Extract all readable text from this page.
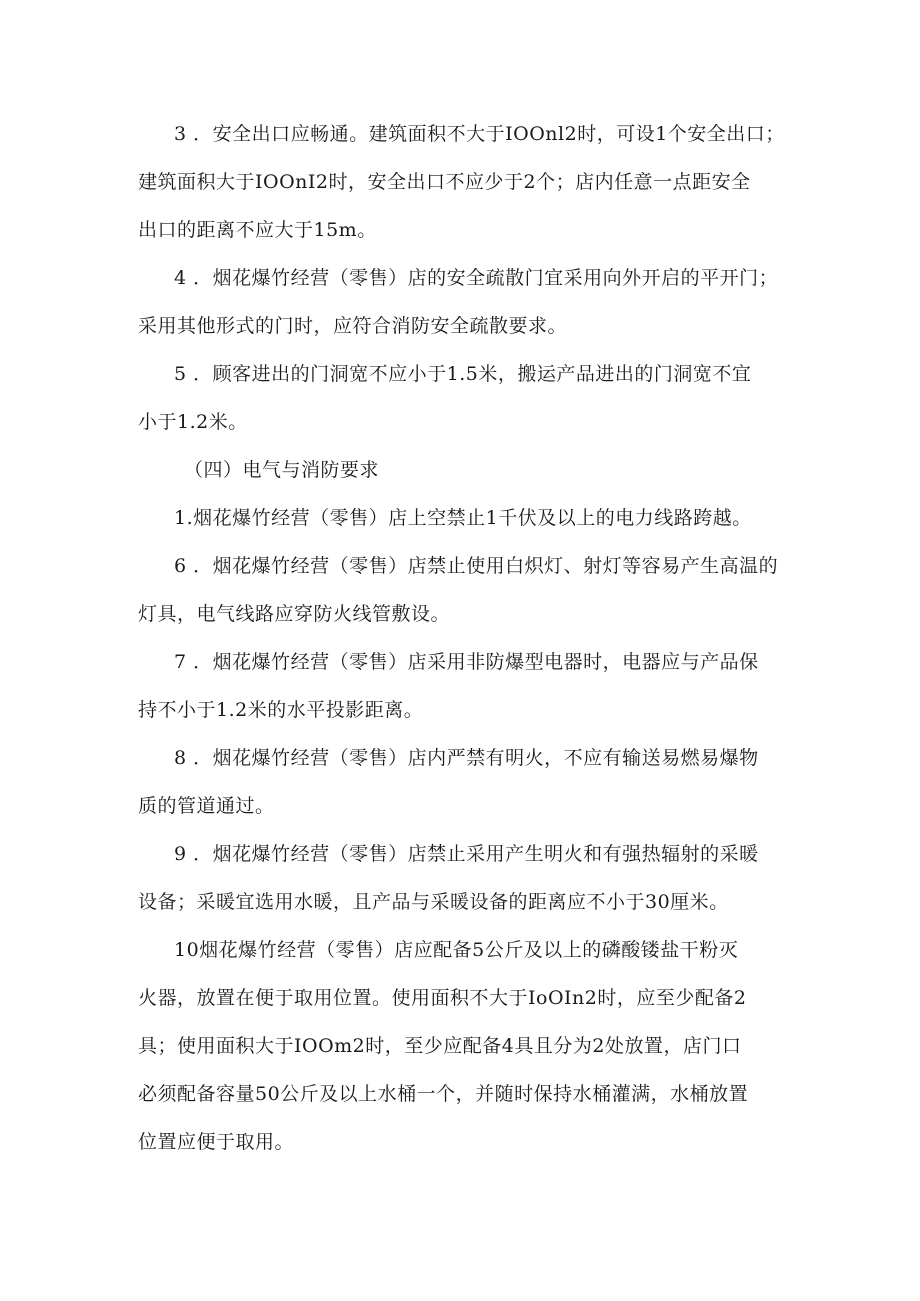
3 ．安全出口应畅通。建筑面积不大于IOOnl2时，可设1个安全出口；
建筑面积大于IOOnI2时，安全出口不应少于2个；店内任意一点距安全
出口的距离不应大于15m。
4 ．烟花爆竹经营（零售）店的安全疏散门宜采用向外开启的平开门；
采用其他形式的门时，应符合消防安全疏散要求。
5 ．顾客进出的门洞宽不应小于1.5米，搬运产品进出的门洞宽不宜
小于1.2米。
（四）电气与消防要求
1.烟花爆竹经营（零售）店上空禁止1千伏及以上的电力线路跨越。
6 ．烟花爆竹经营（零售）店禁止使用白炽灯、射灯等容易产生高温的
灯具，电气线路应穿防火线管敷设。
7 ．烟花爆竹经营（零售）店采用非防爆型电器时，电器应与产品保
持不小于1.2米的水平投影距离。
8 ．烟花爆竹经营（零售）店内严禁有明火，不应有输送易燃易爆物
质的管道通过。
9 ．烟花爆竹经营（零售）店禁止采用产生明火和有强热辐射的采暖
设备；采暖宜选用水暖，且产品与采暖设备的距离应不小于30厘米。
10烟花爆竹经营（零售）店应配备5公斤及以上的磷酸镂盐干粉灭
火器，放置在便于取用位置。使用面积不大于IoOIn2时，应至少配备2
具；使用面积大于IOOm2时，至少应配备4具且分为2处放置，店门口
必须配备容量50公斤及以上水桶一个，并随时保持水桶灌满，水桶放置
位置应便于取用。
